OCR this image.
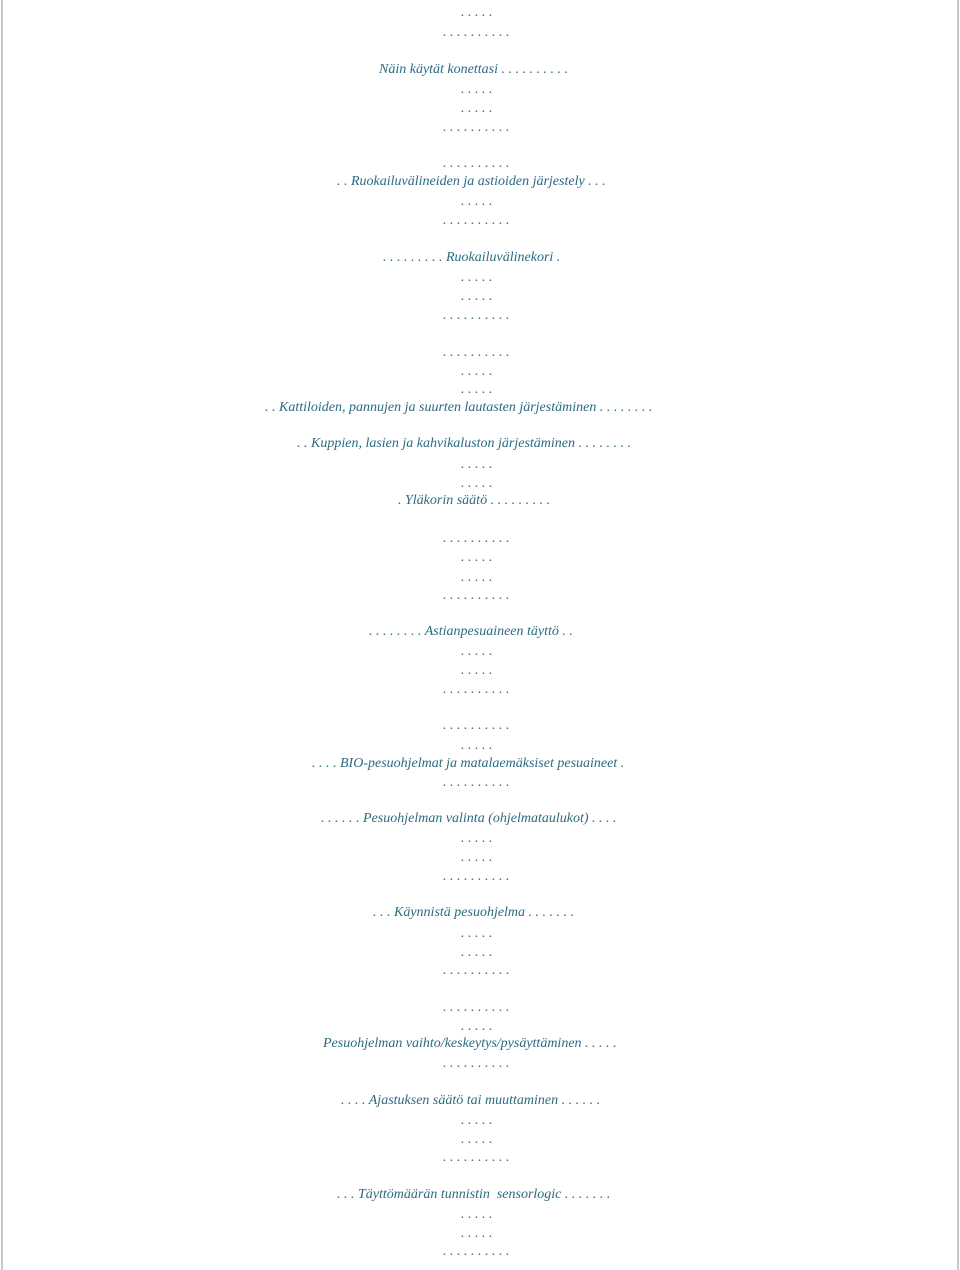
. . . . .
. . . . . . . . . .
Näin käytät konettasi . . . . . . . . . .
. . . . .
. . . . .
. . . . . . . . . .
. . . . . . . . . .
. . Ruokailuvälineiden ja astioiden järjestely . . .
. . . . .
. . . . . . . . . .
. . . . . . . . . Ruokailuvälinekori .
. . . . .
. . . . .
. . . . . . . . . .
. . . . . . . . . .
. . . . .
. . . . .
. . Kattiloiden, pannujen ja suurten lautasten järjestäminen . . . . . . . .
. . Kuppien, lasien ja kahvikaluston järjestäminen . . . . . . . .
. . . . .
. . . . .
. Yläkorin säätö . . . . . . . . .
. . . . . . . . . .
. . . . .
. . . . .
. . . . . . . . . .
. . . . . . . . Astianpesuaineen täyttö . .
. . . . .
. . . . .
. . . . . . . . . .
. . . . . . . . . .
. . . . .
. . . . BIO-pesuohjelmat ja matalaemäksiset pesuaineet .
. . . . . . . . . .
. . . . . . Pesuohjelman valinta (ohjelmataulukot) . . . .
. . . . .
. . . . .
. . . . . . . . . .
. . . Käynnistä pesuohjelma . . . . . . .
. . . . .
. . . . .
. . . . . . . . . .
. . . . . . . . . .
. . . . .
Pesuohjelman vaihto/keskeytys/pysäyttäminen . . . . .
. . . . . . . . . .
. . . . Ajastuksen säätö tai muuttaminen . . . . . .
. . . . .
. . . . .
. . . . . . . . . .
. . . Täyttömäärän tunnistin  sensorlogic . . . . . . .
. . . . .
. . . . .
. . . . . . . . . .
